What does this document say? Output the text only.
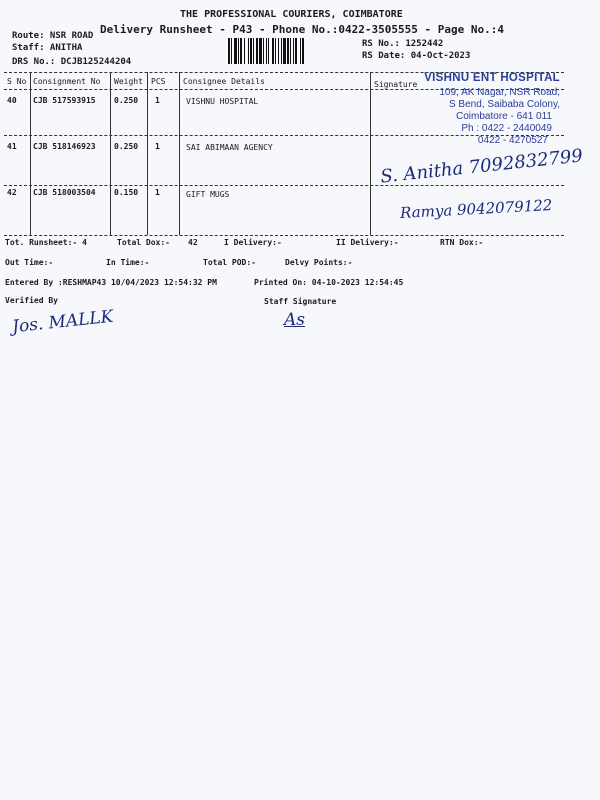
THE PROFESSIONAL COURIERS, COIMBATORE
Delivery Runsheet - P43 - Phone No.:0422-3505555 - Page No.:4
Route: NSR ROAD
Staff: ANITHA
DRS No.: DCJB125244204
RS No.: 1252442
RS Date: 04-Oct-2023
S No Consignment No Weight PCS Consignee Details	Signature
40 CJB 517593915 0.250 1	VISHNU HOSPITAL
41 CJB 518146923 0.250 1	SAI ABIMAAN AGENCY
42 CJB 518003504 0.150 1	GIFT MUGS
VISHNU ENT HOSPITAL
109, AK Nagar, NSR Road,
S Bend, Saibaba Colony,
Coimbatore - 641 011
Ph : 0422 - 2440049
0422 - 4270527
S. Anitha 7092832799
Ramya 9042079122
Tot. Runsheet:- 4	Total Dox:- 42	I Delivery:-	II Delivery:-	RTN Dox:-
Out Time:-	In Time:-	Total POD:-	Delvy Points:-
Entered By :RESHMAP43 10/04/2023 12:54:32 PM	Printed On: 04-10-2023 12:54:45
Verified By	Staff Signature
Jos. MALLK	As
